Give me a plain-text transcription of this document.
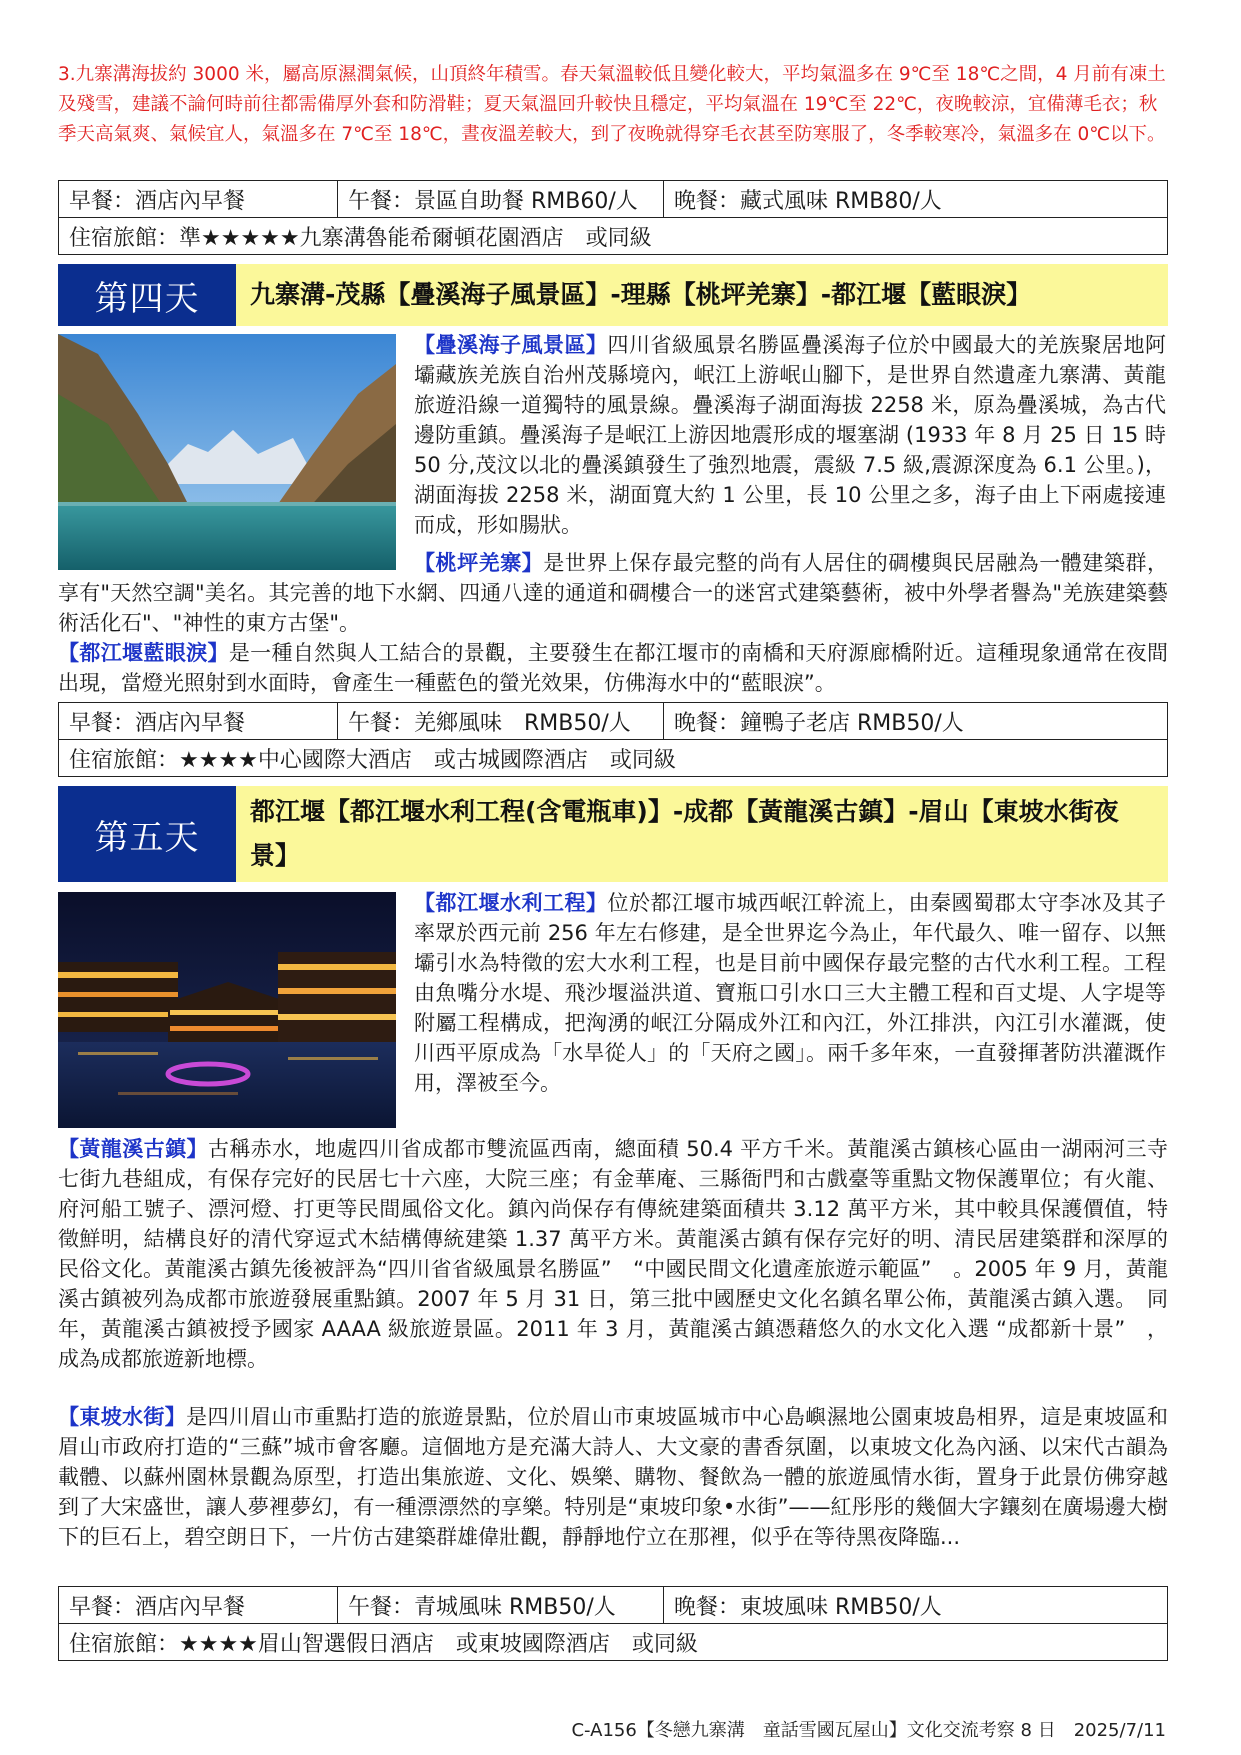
3.九寨溝海拔約 3000 米，屬高原濕潤氣候，山頂終年積雪。春天氣溫較低且變化較大，平均氣溫多在 9℃至 18℃之間，4 月前有凍土及殘雪，建議不論何時前往都需備厚外套和防滑鞋；夏天氣溫回升較快且穩定，平均氣溫在 19℃至 22℃，夜晚較涼，宜備薄毛衣；秋季天高氣爽、氣候宜人，氣溫多在 7℃至 18℃，晝夜溫差較大，到了夜晚就得穿毛衣甚至防寒服了，冬季較寒冷，氣溫多在 0℃以下。
早餐：酒店內早餐	午餐：景區自助餐 RMB60/人	晚餐：藏式風味 RMB80/人
住宿旅館：準★★★★★九寨溝魯能希爾頓花園酒店　或同級
第四天	九寨溝-茂縣【疊溪海子風景區】-理縣【桃坪羌寨】-都江堰【藍眼淚】
【疊溪海子風景區】四川省級風景名勝區疊溪海子位於中國最大的羌族聚居地阿壩藏族羌族自治州茂縣境內，岷江上游岷山腳下，是世界自然遺產九寨溝、黃龍旅遊沿線一道獨特的風景線。疊溪海子湖面海拔 2258 米，原為疊溪城，為古代邊防重鎮。疊溪海子是岷江上游因地震形成的堰塞湖 (1933 年 8 月 25 日 15 時 50 分,茂汶以北的疊溪鎮發生了強烈地震，震級 7.5 級,震源深度為 6.1 公里。)，湖面海拔 2258 米，湖面寬大約 1 公里，長 10 公里之多，海子由上下兩處接連而成，形如腸狀。
【桃坪羌寨】是世界上保存最完整的尚有人居住的碉樓與民居融為一體建築群，享有"天然空調"美名。其完善的地下水網、四通八達的通道和碉樓合一的迷宮式建築藝術，被中外學者譽為"羌族建築藝術活化石"、"神性的東方古堡"。
【都江堰藍眼淚】是一種自然與人工結合的景觀，主要發生在都江堰市的南橋和天府源廊橋附近。這種現象通常在夜間出現，當燈光照射到水面時，會產生一種藍色的螢光效果，仿佛海水中的“藍眼淚”。
早餐：酒店內早餐	午餐：羌鄉風味　RMB50/人	晚餐：鐘鴨子老店 RMB50/人
住宿旅館：★★★★中心國際大酒店　或古城國際酒店　或同級
第五天
都江堰【都江堰水利工程(含電瓶車)】-成都【黃龍溪古鎮】-眉山【東坡水街夜景】
【都江堰水利工程】位於都江堰市城西岷江幹流上，由秦國蜀郡太守李冰及其子率眾於西元前 256 年左右修建，是全世界迄今為止，年代最久、唯一留存、以無壩引水為特徵的宏大水利工程，也是目前中國保存最完整的古代水利工程。工程由魚嘴分水堤、飛沙堰溢洪道、寶瓶口引水口三大主體工程和百丈堤、人字堤等附屬工程構成，把洶湧的岷江分隔成外江和內江，外江排洪，內江引水灌溉，使川西平原成為「水旱從人」的「天府之國」。兩千多年來，一直發揮著防洪灌溉作用，澤被至今。
【黃龍溪古鎮】古稱赤水，地處四川省成都市雙流區西南，總面積 50.4 平方千米。黃龍溪古鎮核心區由一湖兩河三寺七街九巷組成，有保存完好的民居七十六座，大院三座；有金華庵、三縣衙門和古戲臺等重點文物保護單位；有火龍、府河船工號子、漂河燈、打更等民間風俗文化。鎮內尚保存有傳統建築面積共 3.12 萬平方米，其中較具保護價值，特徵鮮明，結構良好的清代穿逗式木結構傳統建築 1.37 萬平方米。黃龍溪古鎮有保存完好的明、清民居建築群和深厚的民俗文化。黃龍溪古鎮先後被評為“四川省省級風景名勝區”　“中國民間文化遺產旅遊示範區”　。2005 年 9 月，黃龍溪古鎮被列為成都市旅遊發展重點鎮。2007 年 5 月 31 日，第三批中國歷史文化名鎮名單公佈，黃龍溪古鎮入選。　同年，黃龍溪古鎮被授予國家 AAAA 級旅遊景區。2011 年 3 月，黃龍溪古鎮憑藉悠久的水文化入選 “成都新十景”　，成為成都旅遊新地標。
【東坡水街】是四川眉山市重點打造的旅遊景點，位於眉山市東坡區城市中心島嶼濕地公園東坡島相界，這是東坡區和眉山市政府打造的“三蘇”城市會客廳。這個地方是充滿大詩人、大文豪的書香氛圍，以東坡文化為內涵、以宋代古韻為載體、以蘇州園林景觀為原型，打造出集旅遊、文化、娛樂、購物、餐飲為一體的旅遊風情水街，置身于此景仿佛穿越到了大宋盛世，讓人夢裡夢幻，有一種漂漂然的享樂。特別是“東坡印象•水街”——紅彤彤的幾個大字鑲刻在廣場邊大樹下的巨石上，碧空朗日下，一片仿古建築群雄偉壯觀，靜靜地佇立在那裡，似乎在等待黑夜降臨...
早餐：酒店內早餐	午餐：青城風味 RMB50/人	晚餐：東坡風味 RMB50/人
住宿旅館：★★★★眉山智選假日酒店　或東坡國際酒店　或同級
C-A156【冬戀九寨溝　童話雪國瓦屋山】文化交流考察 8 日　2025/7/11
